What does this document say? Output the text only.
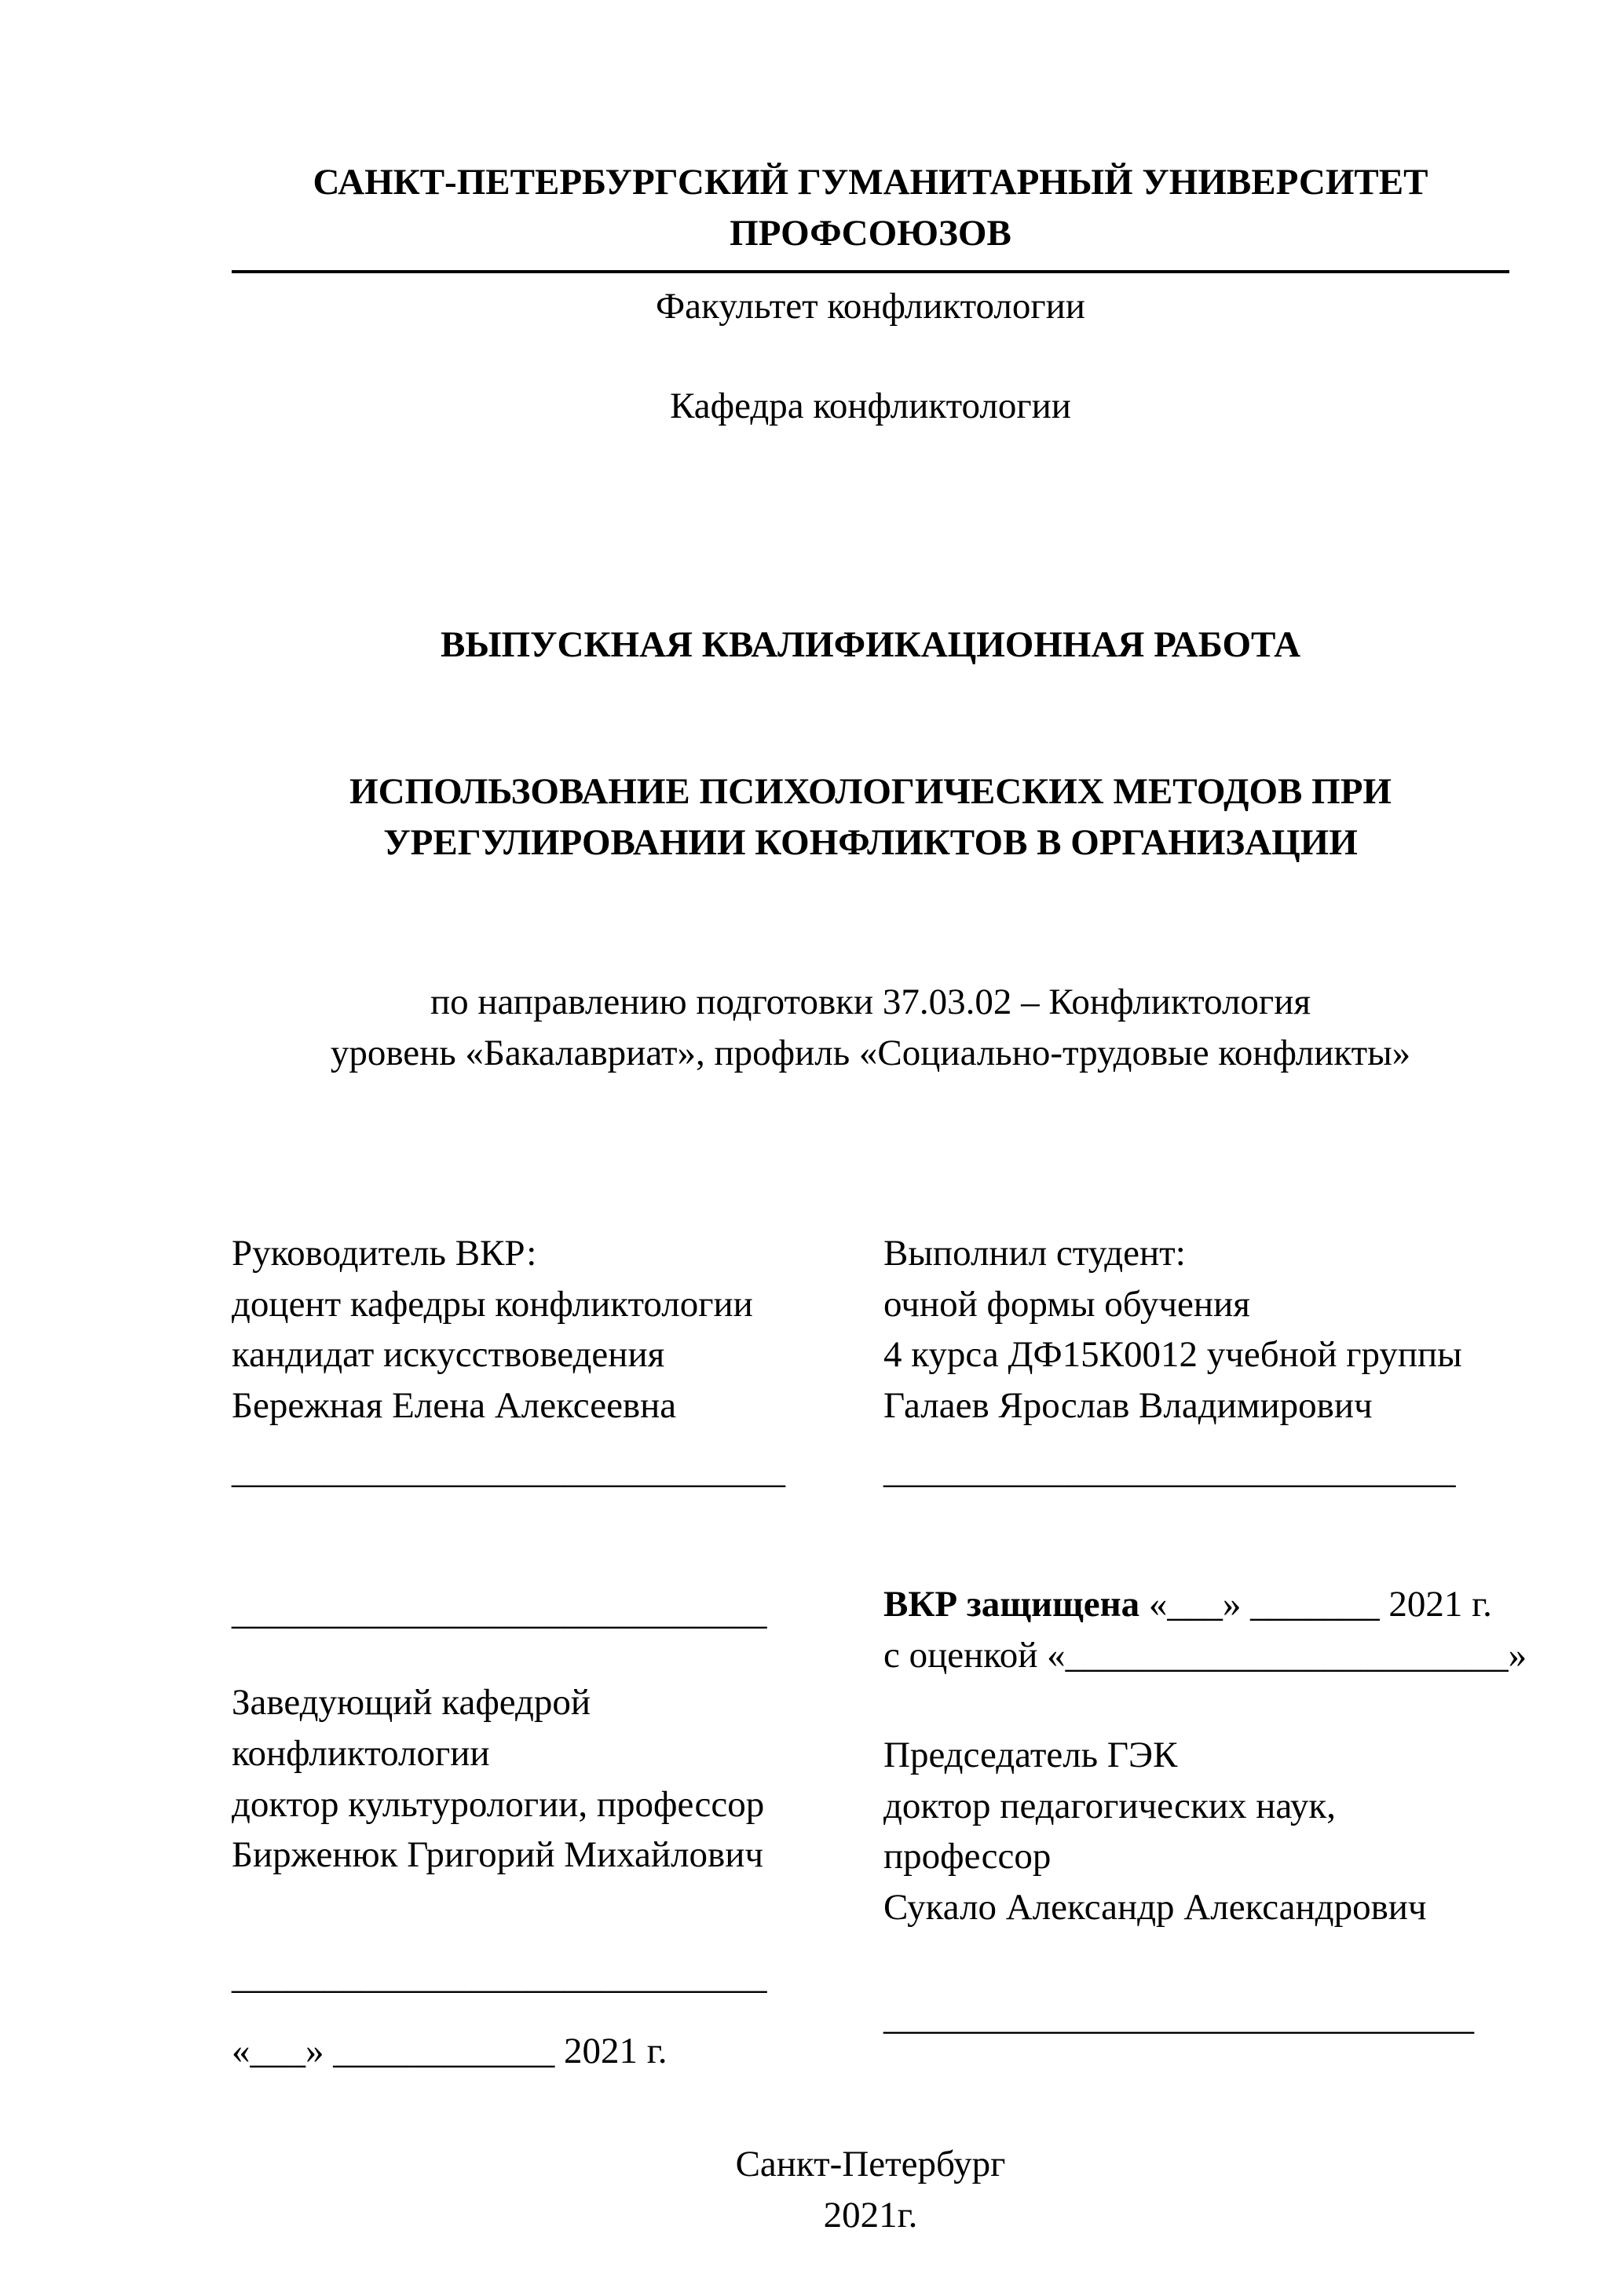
САНКТ-ПЕТЕРБУРГСКИЙ ГУМАНИТАРНЫЙ УНИВЕРСИТЕТ
ПРОФСОЮЗОВ
Факультет конфликтологии
Кафедра конфликтологии
ВЫПУСКНАЯ КВАЛИФИКАЦИОННАЯ РАБОТА
ИСПОЛЬЗОВАНИЕ ПСИХОЛОГИЧЕСКИХ МЕТОДОВ ПРИ
УРЕГУЛИРОВАНИИ КОНФЛИКТОВ В ОРГАНИЗАЦИИ
по направлению подготовки 37.03.02 – Конфликтология
уровень «Бакалавриат», профиль «Социально-трудовые конфликты»
Руководитель ВКР:
доцент кафедры конфликтологии
кандидат искусствоведения
Бережная Елена Алексеевна
______________________________
_____________________________
Заведующий кафедрой
конфликтологии
доктор культурологии, профессор
Бирженюк Григорий Михайлович
_____________________________
«___» ____________ 2021 г.
Выполнил студент:
очной формы обучения
4 курса ДФ15К0012 учебной группы
Галаев Ярослав Владимирович
_______________________________
ВКР защищена «___» _______ 2021 г.
с оценкой «________________________»
Председатель ГЭК
доктор педагогических наук,
профессор
Сукало Александр Александрович
________________________________
Санкт-Петербург
2021г.
